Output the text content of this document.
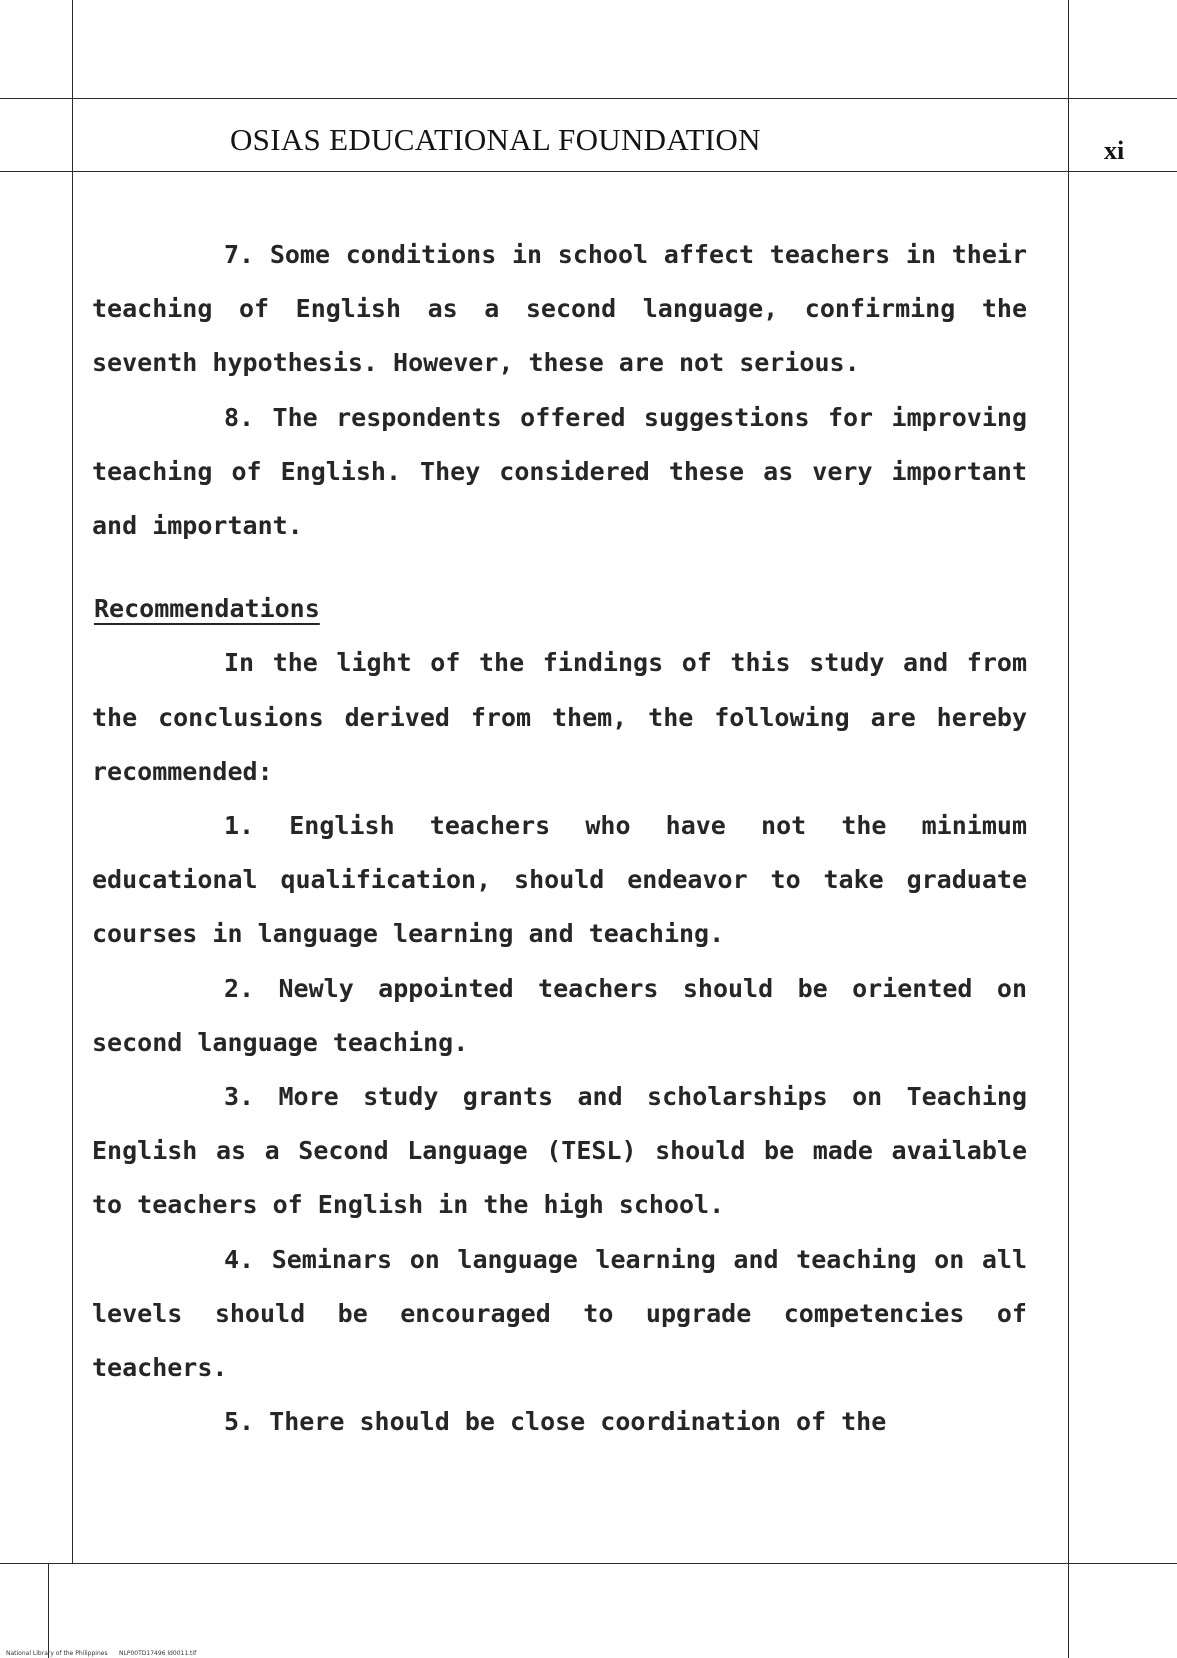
OSIAS EDUCATIONAL FOUNDATION	xi

7. Some conditions in school affect teachers in their teaching of English as a second language, confirming the seventh hypothesis. However, these are not serious.

8. The respondents offered suggestions for improving teaching of English. They considered these as very important and important.

Recommendations

In the light of the findings of this study and from the conclusions derived from them, the following are hereby recommended:

1. English teachers who have not the minimum educational qualification, should endeavor to take graduate courses in language learning and teaching.

2. Newly appointed teachers should be oriented on second language teaching.

3. More study grants and scholarships on Teaching English as a Second Language (TESL) should be made available to teachers of English in the high school.

4. Seminars on language learning and teaching on all levels should be encouraged to upgrade competencies of teachers.

5. There should be close coordination of the

National Library of the Philippines NLP00TD17496 ld0011.tif
